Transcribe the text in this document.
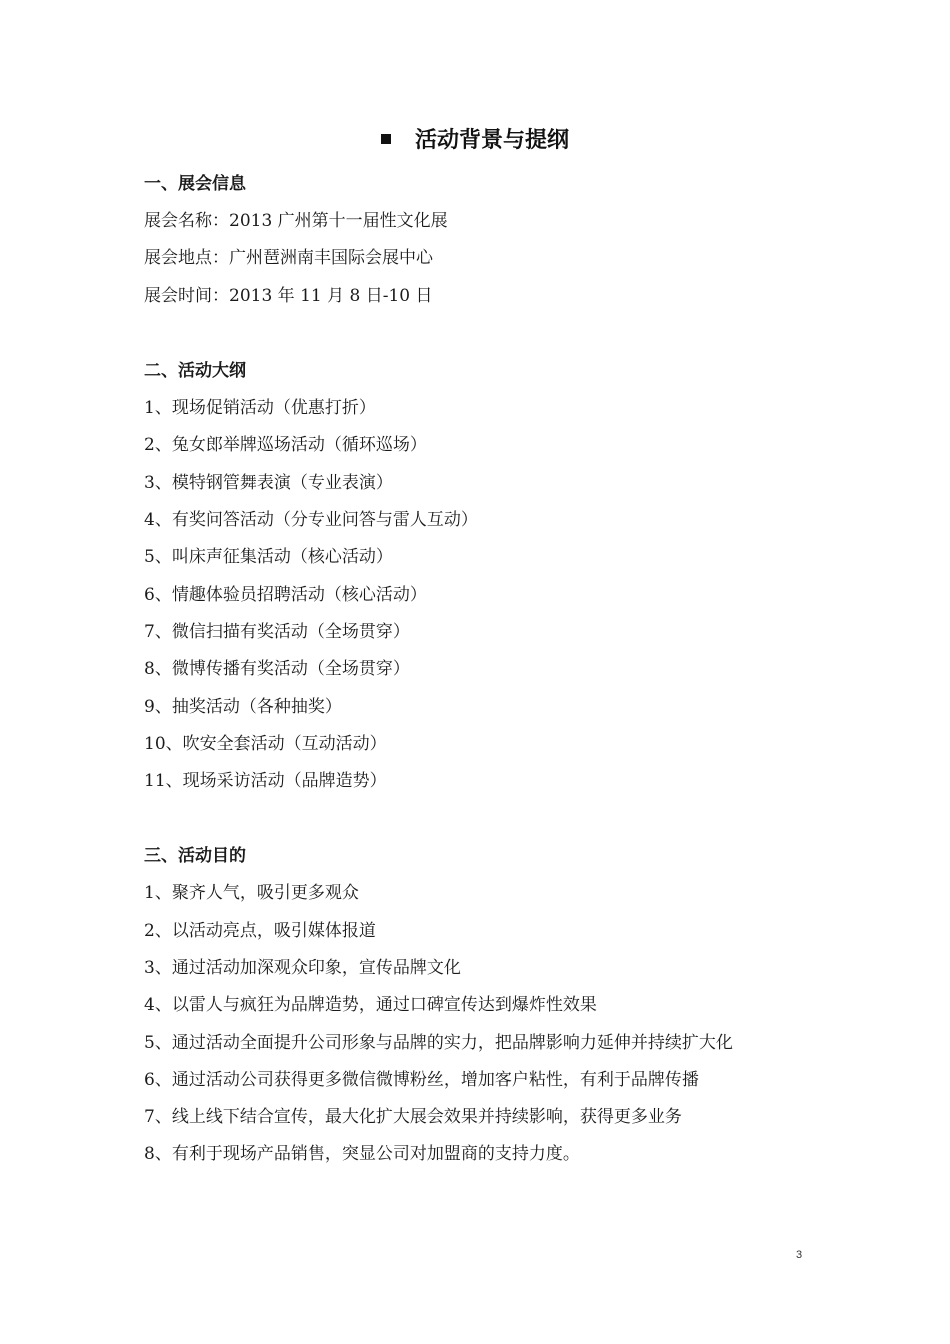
活动背景与提纲
一、展会信息
展会名称：2013 广州第十一届性文化展
展会地点：广州琶洲南丰国际会展中心
展会时间：2013 年 11 月 8 日-10 日
二、活动大纲
1、现场促销活动（优惠打折）
2、兔女郎举牌巡场活动（循环巡场）
3、模特钢管舞表演（专业表演）
4、有奖问答活动（分专业问答与雷人互动）
5、叫床声征集活动（核心活动）
6、情趣体验员招聘活动（核心活动）
7、微信扫描有奖活动（全场贯穿）
8、微博传播有奖活动（全场贯穿）
9、抽奖活动（各种抽奖）
10、吹安全套活动（互动活动）
11、现场采访活动（品牌造势）
三、活动目的
1、聚齐人气，吸引更多观众
2、以活动亮点，吸引媒体报道
3、通过活动加深观众印象，宣传品牌文化
4、以雷人与疯狂为品牌造势，通过口碑宣传达到爆炸性效果
5、通过活动全面提升公司形象与品牌的实力，把品牌影响力延伸并持续扩大化
6、通过活动公司获得更多微信微博粉丝，增加客户粘性，有利于品牌传播
7、线上线下结合宣传，最大化扩大展会效果并持续影响，获得更多业务
8、有利于现场产品销售，突显公司对加盟商的支持力度。
3
